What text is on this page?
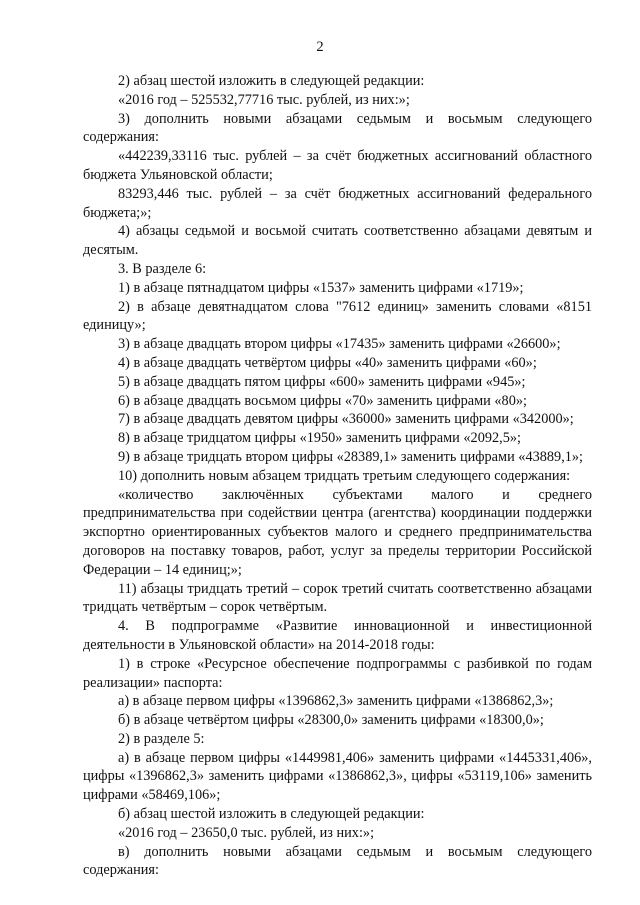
2

2) абзац шестой изложить в следующей редакции:

«2016 год – 525532,77716 тыс. рублей, из них:»;

3) дополнить новыми абзацами седьмым и восьмым следующего содержания:

«442239,33116 тыс. рублей – за счёт бюджетных ассигнований областного бюджета Ульяновской области;

83293,446 тыс. рублей – за счёт бюджетных ассигнований федерального бюджета;»;

4) абзацы седьмой и восьмой считать соответственно абзацами девятым и десятым.

3. В разделе 6:

1) в абзаце пятнадцатом цифры «1537» заменить цифрами «1719»;

2) в абзаце девятнадцатом слова "7612 единиц» заменить словами «8151 единицу»;

3) в абзаце двадцать втором цифры «17435» заменить цифрами «26600»;

4) в абзаце двадцать четвёртом цифры «40» заменить цифрами «60»;

5) в абзаце двадцать пятом цифры «600» заменить цифрами «945»;

6) в абзаце двадцать восьмом цифры «70» заменить цифрами «80»;

7) в абзаце двадцать девятом цифры «36000» заменить цифрами «342000»;

8) в абзаце тридцатом цифры «1950» заменить цифрами «2092,5»;

9) в абзаце тридцать втором цифры «28389,1» заменить цифрами «43889,1»;

10) дополнить новым абзацем тридцать третьим следующего содержания:

«количество заключённых субъектами малого и среднего предпринимательства при содействии центра (агентства) координации поддержки экспортно ориентированных субъектов малого и среднего предпринимательства договоров на поставку товаров, работ, услуг за пределы территории Российской Федерации – 14 единиц;»;

11) абзацы тридцать третий – сорок третий считать соответственно абзацами тридцать четвёртым – сорок четвёртым.

4. В подпрограмме «Развитие инновационной и инвестиционной деятельности в Ульяновской области» на 2014-2018 годы:

1) в строке «Ресурсное обеспечение подпрограммы с разбивкой по годам реализации» паспорта:

а) в абзаце первом цифры «1396862,3» заменить цифрами «1386862,3»;

б) в абзаце четвёртом цифры «28300,0» заменить цифрами «18300,0»;

2) в разделе 5:

а) в абзаце первом цифры «1449981,406» заменить цифрами «1445331,406», цифры «1396862,3» заменить цифрами «1386862,3», цифры «53119,106» заменить цифрами «58469,106»;

б) абзац шестой изложить в следующей редакции:

«2016 год – 23650,0 тыс. рублей, из них:»;

в) дополнить новыми абзацами седьмым и восьмым следующего содержания:
